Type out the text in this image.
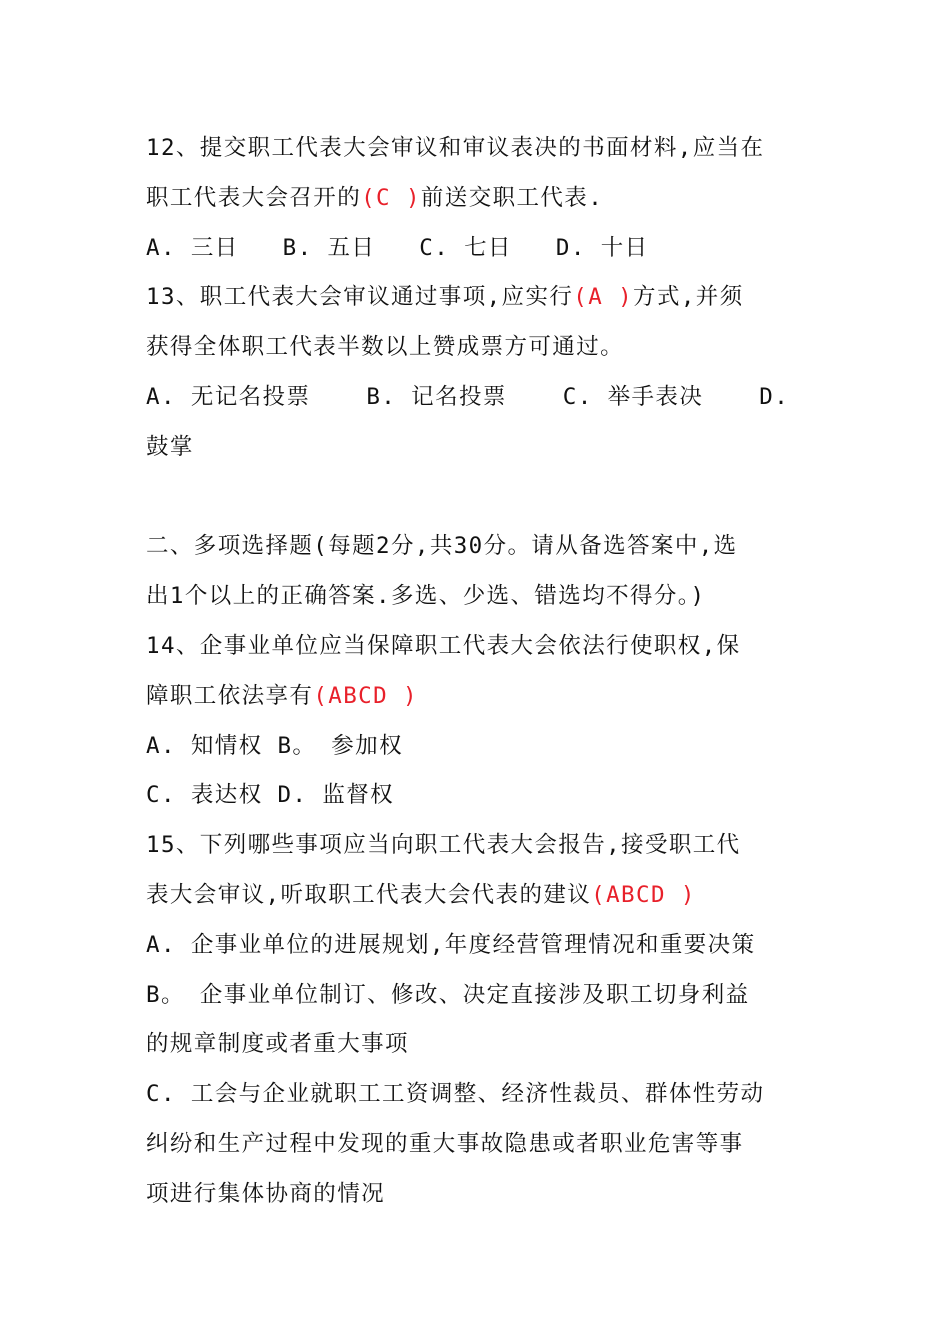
12、提交职工代表大会审议和审议表决的书面材料,应当在
职工代表大会召开的(C )前送交职工代表.
A. 三日 B. 五日 C. 七日 D. 十日
13、职工代表大会审议通过事项,应实行(A )方式,并须
获得全体职工代表半数以上赞成票方可通过。
A. 无记名投票 B. 记名投票 C. 举手表决 D.
鼓掌
二、多项选择题(每题2分,共30分。请从备选答案中,选
出1个以上的正确答案.多选、少选、错选均不得分。)
14、企事业单位应当保障职工代表大会依法行使职权,保
障职工依法享有(ABCD )
A. 知情权 B。 参加权
C. 表达权 D. 监督权
15、下列哪些事项应当向职工代表大会报告,接受职工代
表大会审议,听取职工代表大会代表的建议(ABCD )
A. 企事业单位的进展规划,年度经营管理情况和重要决策
B。 企事业单位制订、修改、决定直接涉及职工切身利益
的规章制度或者重大事项
C. 工会与企业就职工工资调整、经济性裁员、群体性劳动
纠纷和生产过程中发现的重大事故隐患或者职业危害等事
项进行集体协商的情况
